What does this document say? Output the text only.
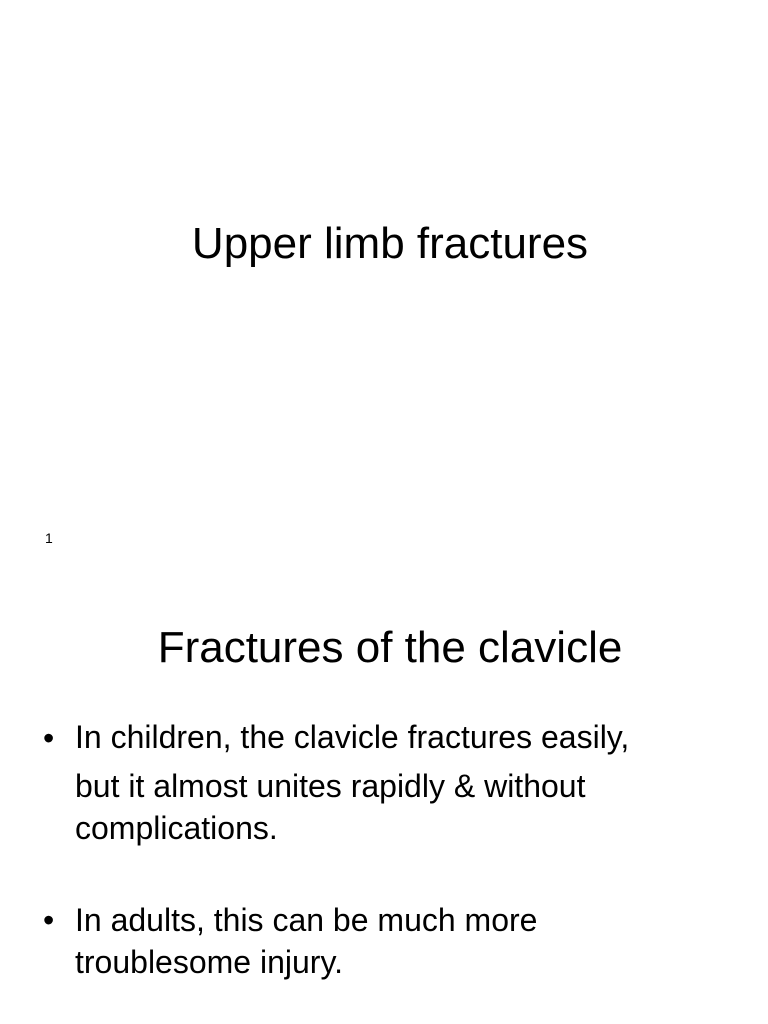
Upper limb fractures
1
Fractures of the clavicle
• In children, the clavicle fractures easily,
but it almost unites rapidly & without
complications.
• In adults, this can be much more
troublesome injury.
